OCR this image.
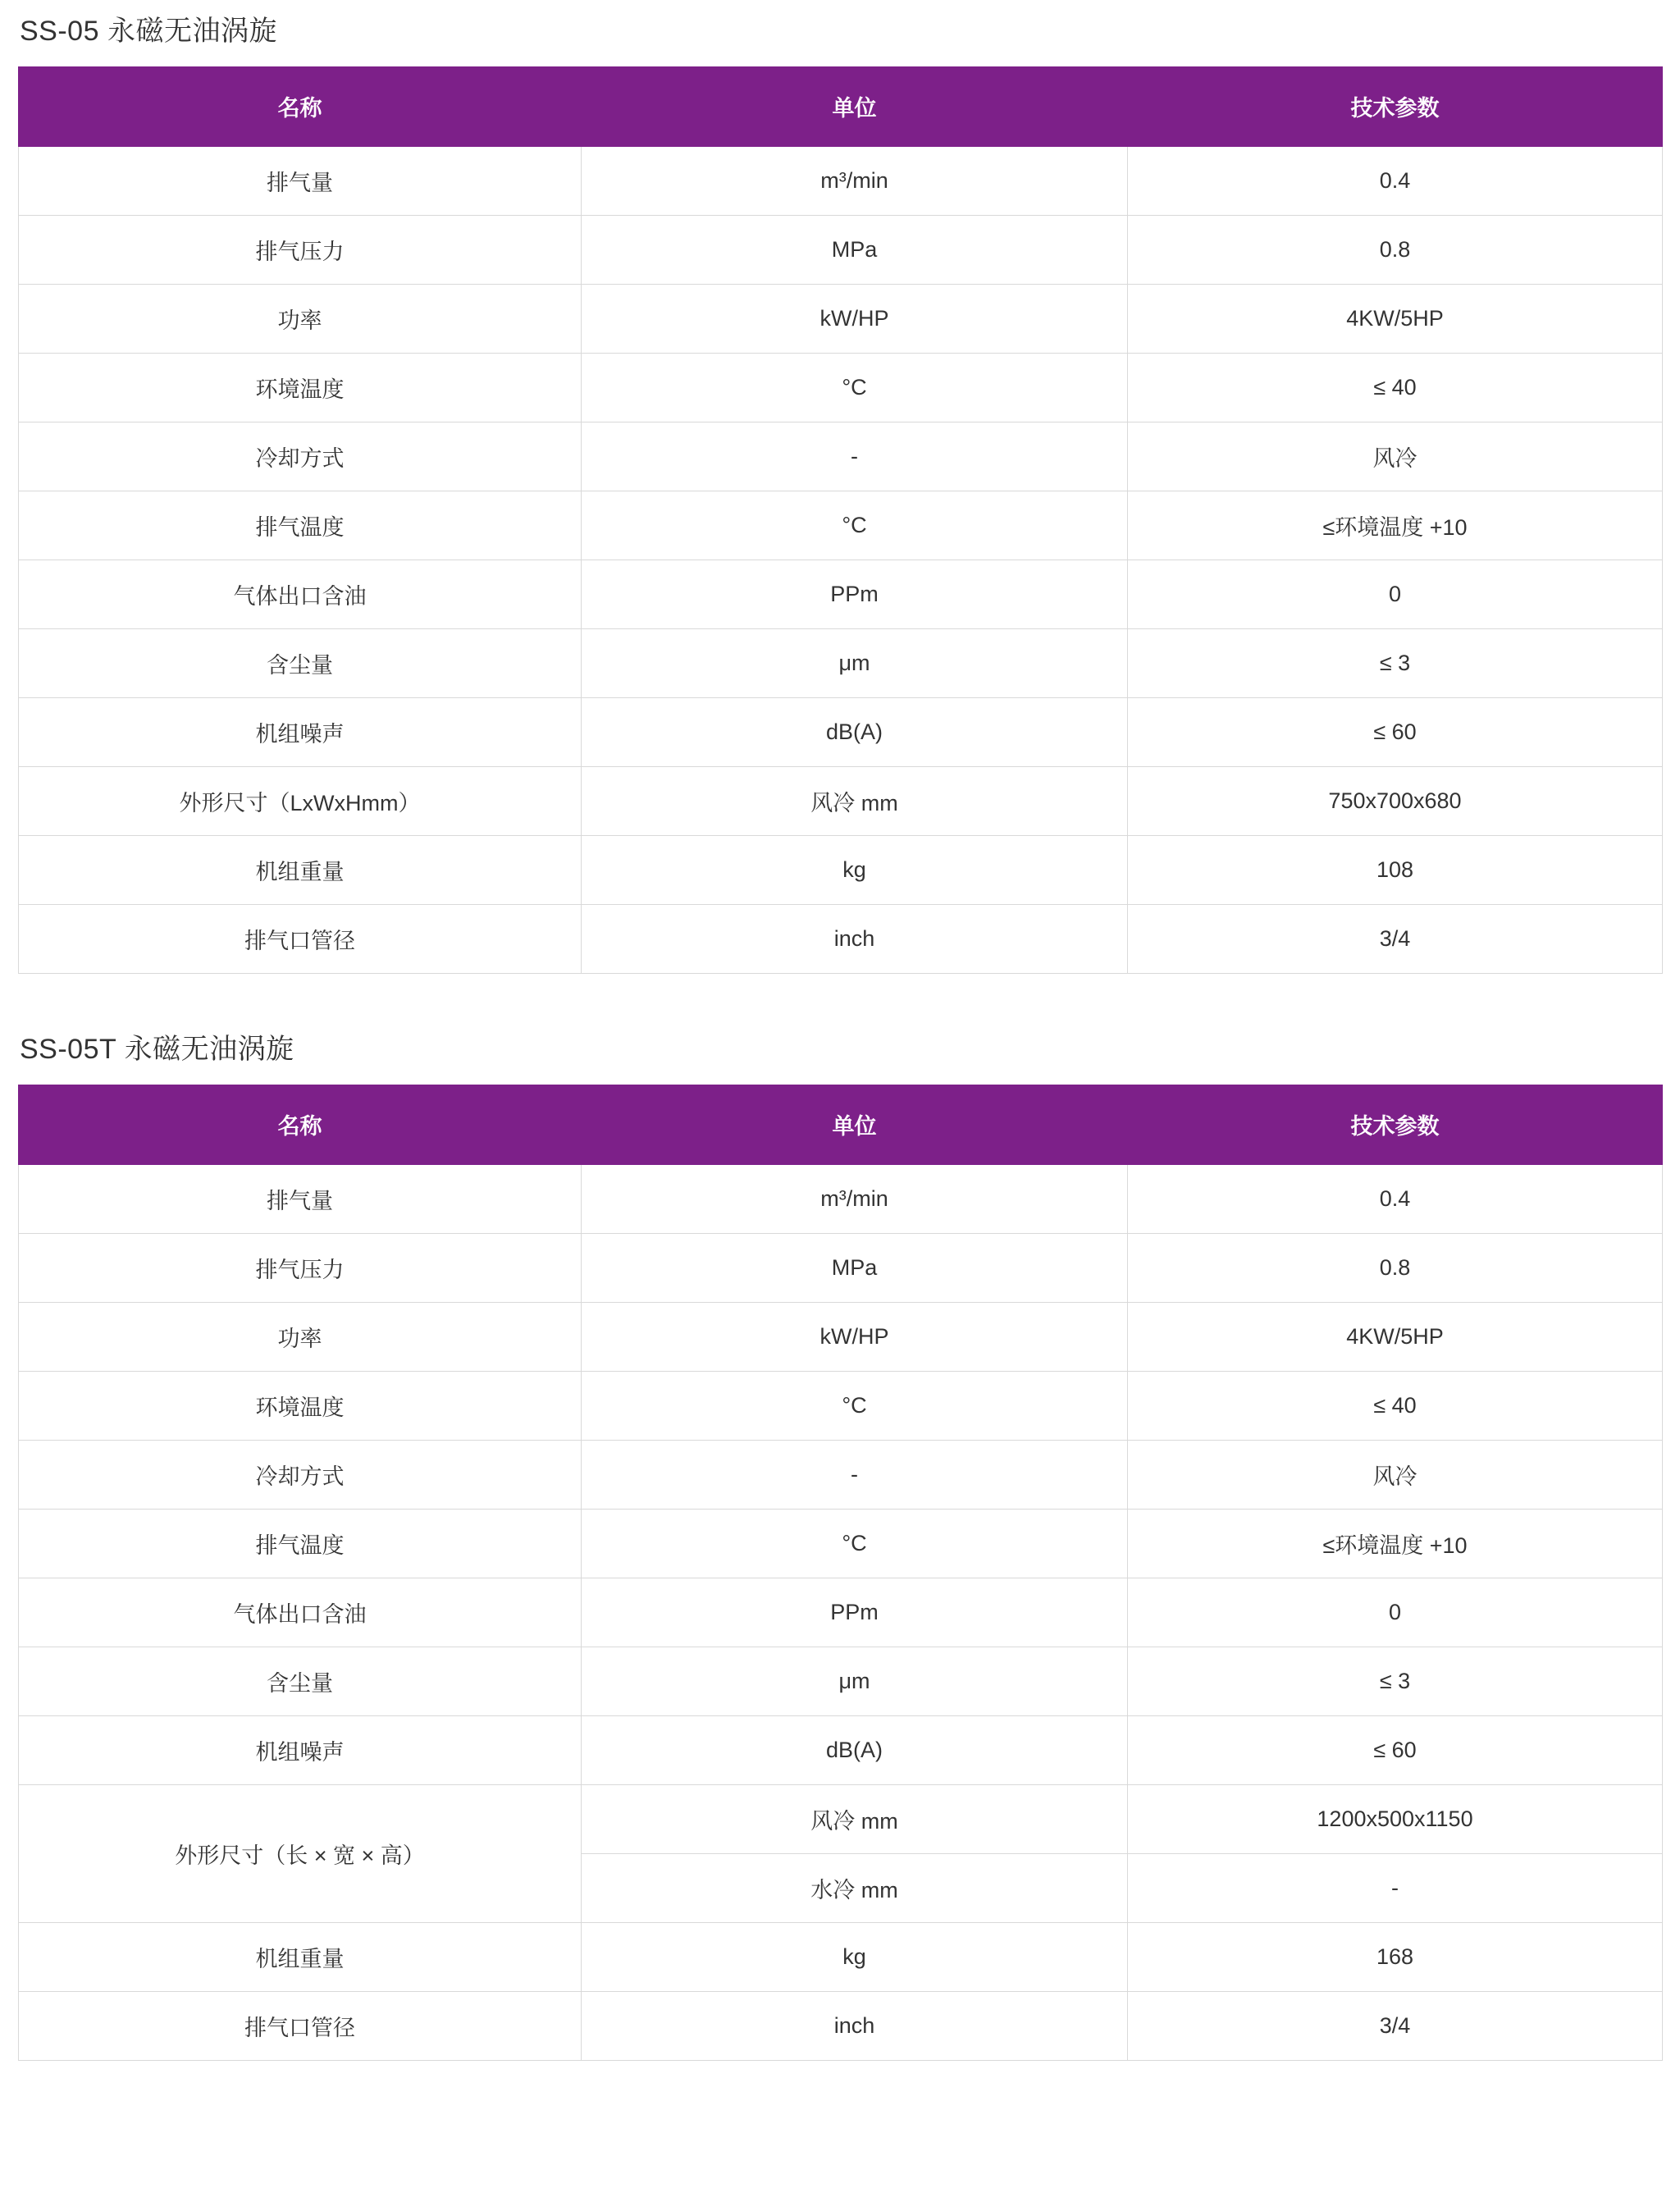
SS-05 永磁无油涡旋
名称	单位	技术参数
排气量	m³/min	0.4
排气压力	MPa	0.8
功率	kW/HP	4KW/5HP
环境温度	°C	≤ 40
冷却方式	-	风冷
排气温度	°C	≤环境温度 +10
气体出口含油	PPm	0
含尘量	μm	≤ 3
机组噪声	dB(A)	≤ 60
外形尺寸（LxWxHmm）	风冷 mm	750x700x680
机组重量	kg	108
排气口管径	inch	3/4
SS-05T 永磁无油涡旋
名称	单位	技术参数
排气量	m³/min	0.4
排气压力	MPa	0.8
功率	kW/HP	4KW/5HP
环境温度	°C	≤ 40
冷却方式	-	风冷
排气温度	°C	≤环境温度 +10
气体出口含油	PPm	0
含尘量	μm	≤ 3
机组噪声	dB(A)	≤ 60
外形尺寸（长 × 宽 × 高）	风冷 mm	1200x500x1150
	水冷 mm	-
机组重量	kg	168
排气口管径	inch	3/4
